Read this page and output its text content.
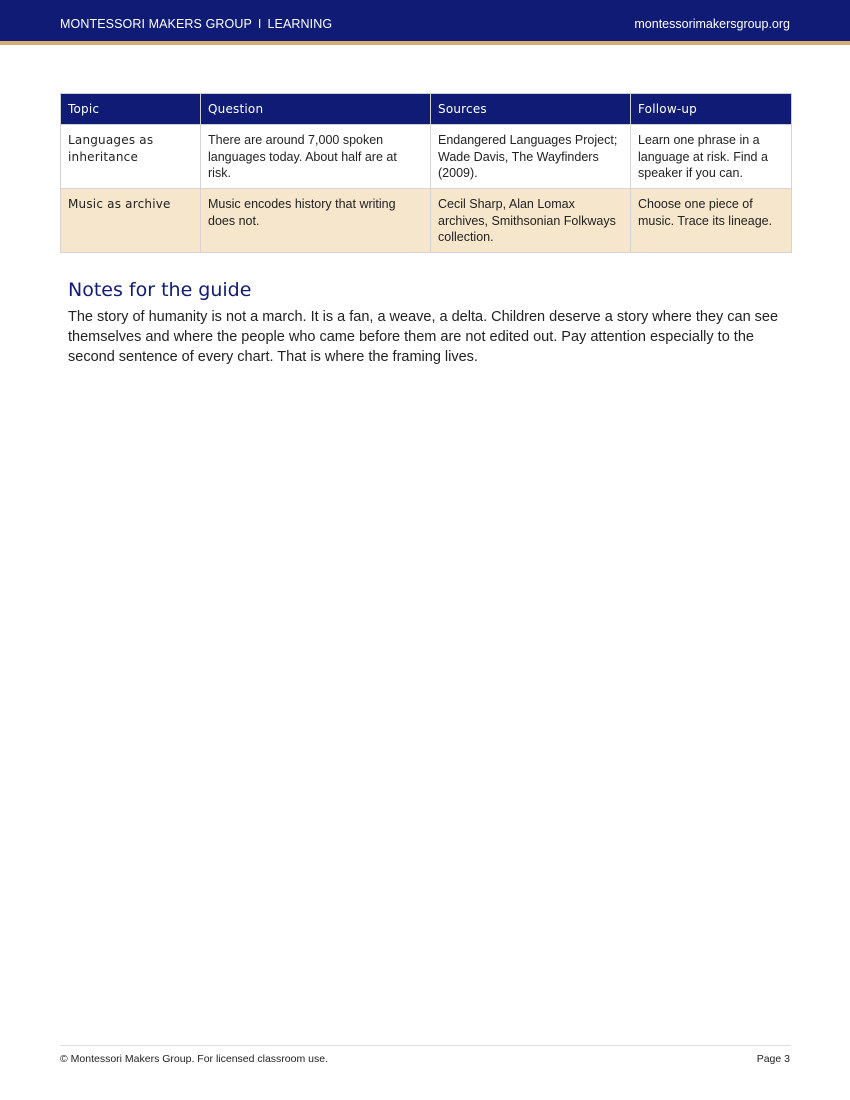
MONTESSORI MAKERS GROUP I LEARNING	montessorimakersgroup.org
Topic	Question	Sources	Follow-up
Languages as inheritance	There are around 7,000 spoken languages today. About half are at risk.	Endangered Languages Project; Wade Davis, The Wayfinders (2009).	Learn one phrase in a language at risk. Find a speaker if you can.
Music as archive	Music encodes history that writing does not.	Cecil Sharp, Alan Lomax archives, Smithsonian Folkways collection.	Choose one piece of music. Trace its lineage.
Notes for the guide

The story of humanity is not a march. It is a fan, a weave, a delta. Children deserve a story where they can see themselves and where the people who came before them are not edited out. Pay attention especially to the second sentence of every chart. That is where the framing lives.

© Montessori Makers Group. For licensed classroom use.	Page 3
